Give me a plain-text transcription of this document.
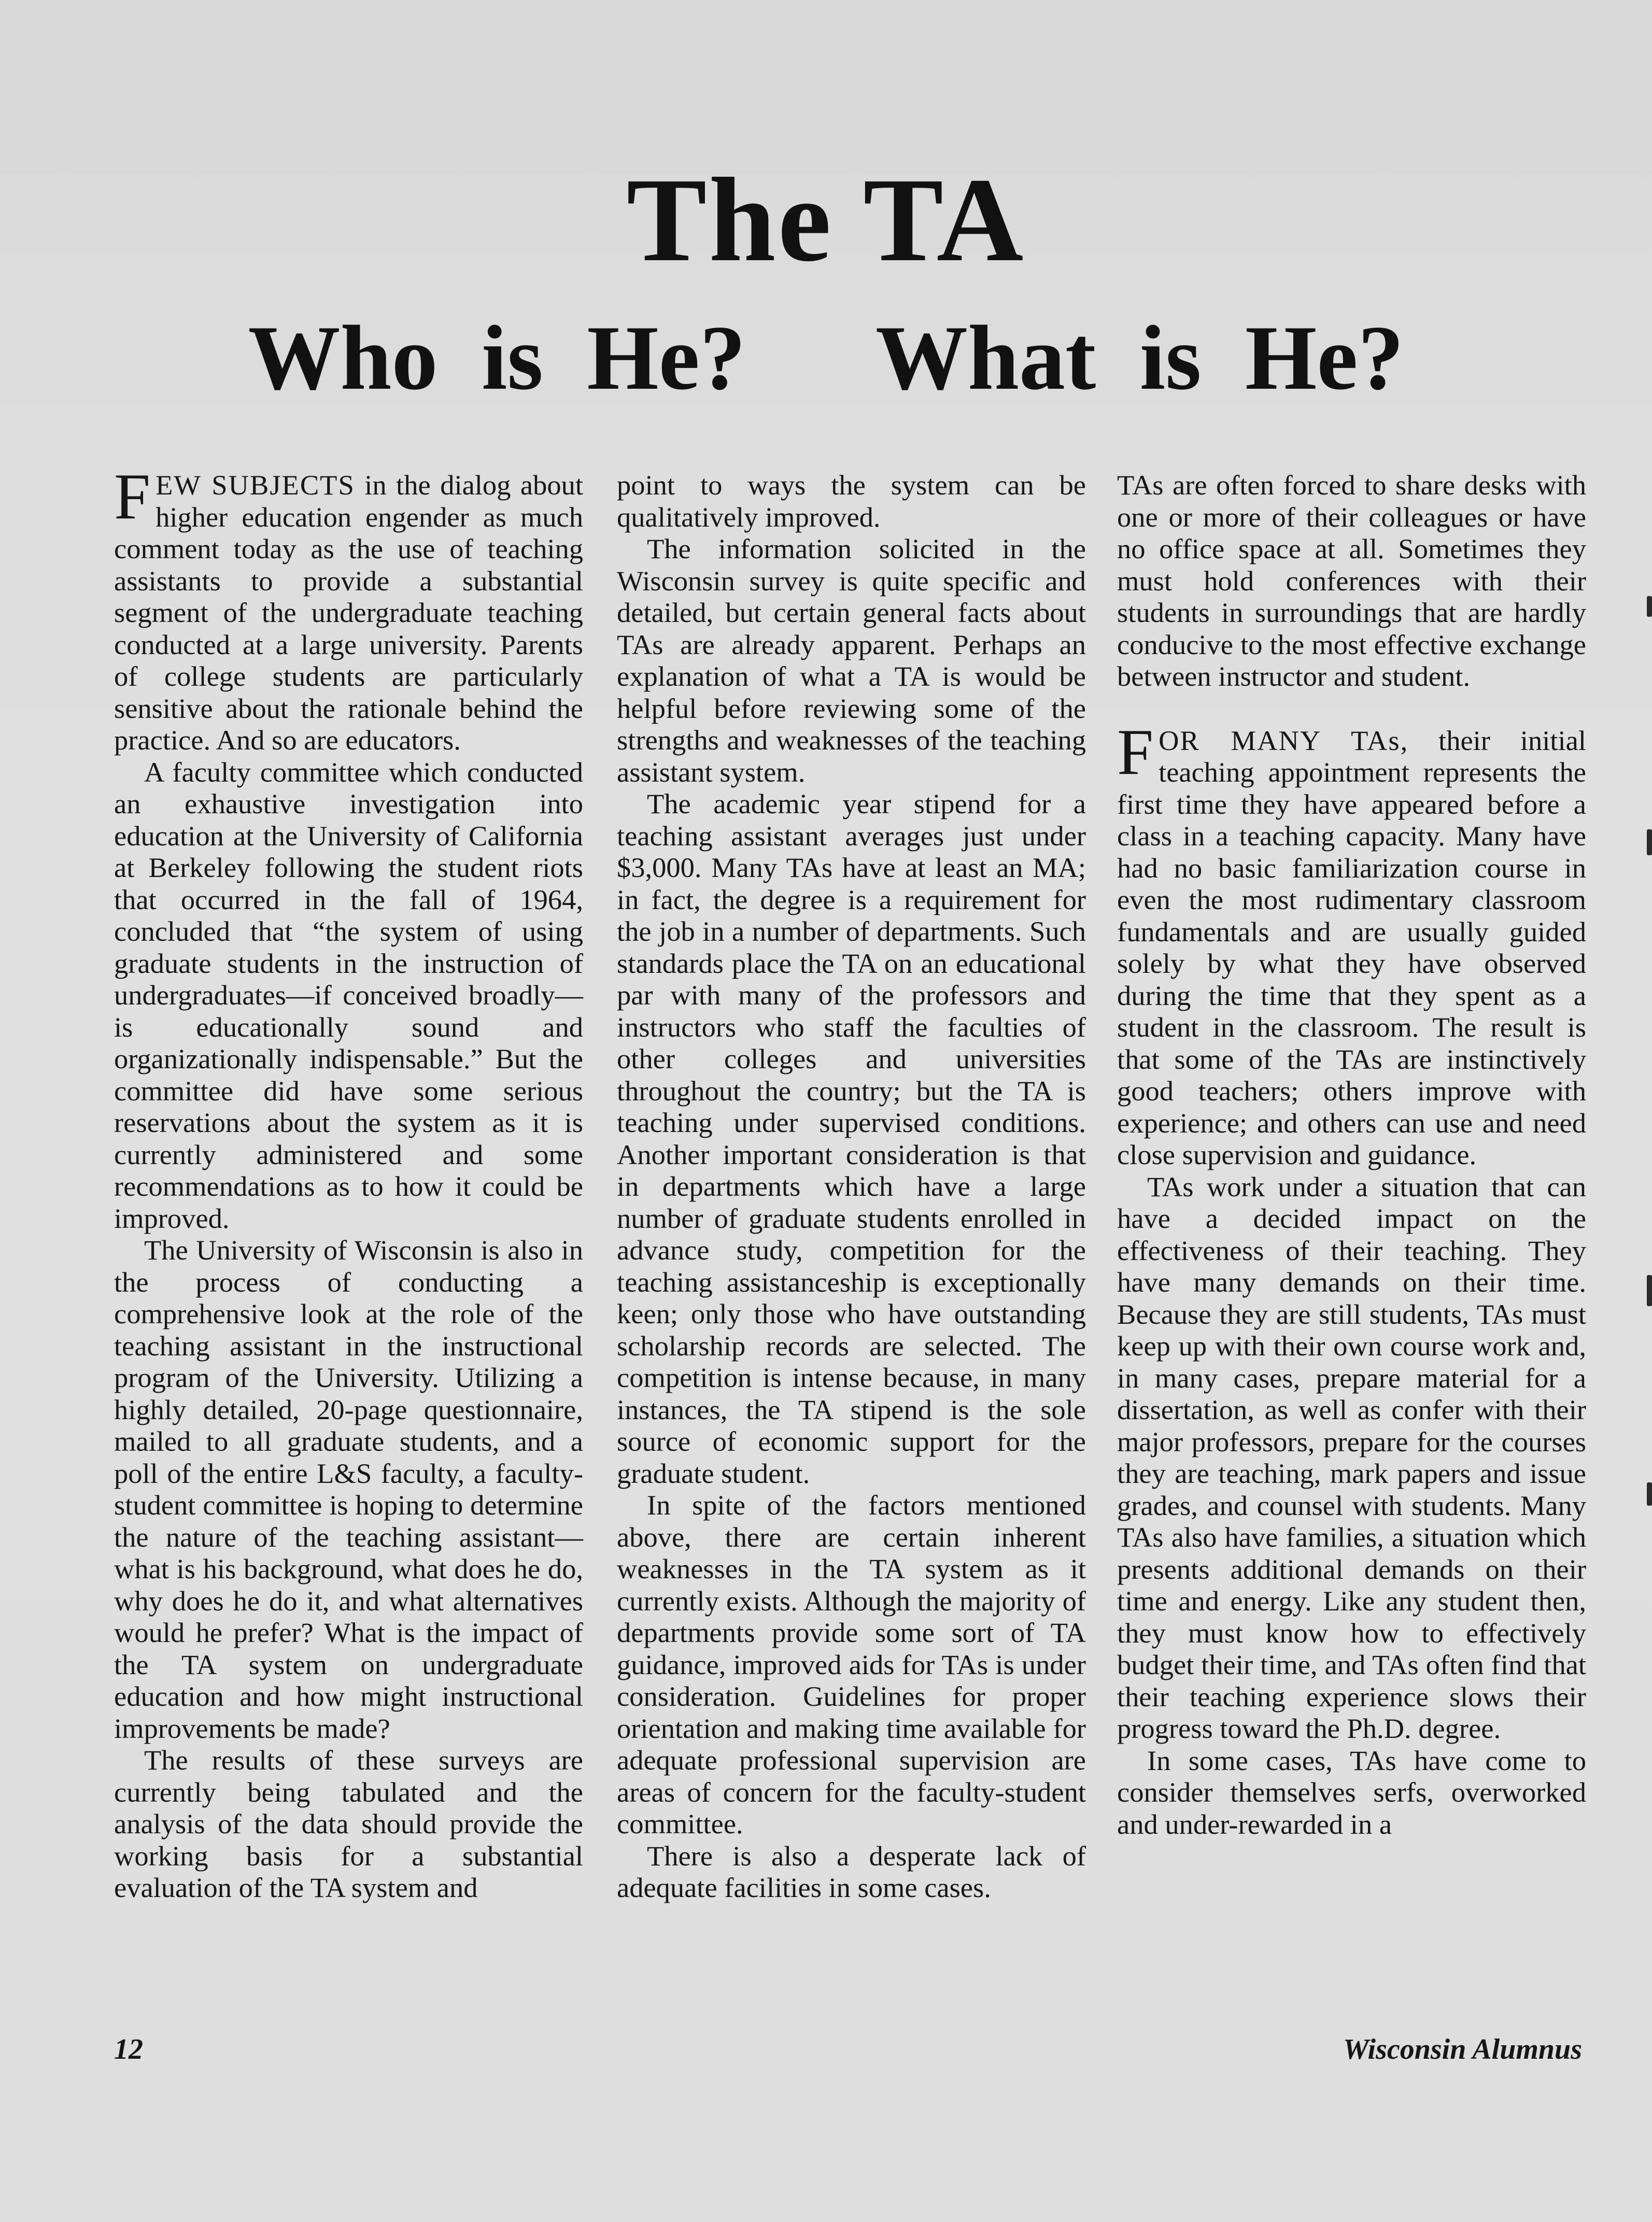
The TA
Who is He?   What is He?

FEW SUBJECTS in the dialog about higher education engender as much comment today as the use of teaching assistants to provide a substantial segment of the undergraduate teaching conducted at a large university. Parents of college students are particularly sensitive about the rationale behind the practice. And so are educators.

A faculty committee which conducted an exhaustive investigation into education at the University of California at Berkeley following the student riots that occurred in the fall of 1964, concluded that “the system of using graduate students in the instruction of undergraduates—if conceived broadly—is educationally sound and organizationally indispensable.” But the committee did have some serious reservations about the system as it is currently administered and some recommendations as to how it could be improved.

The University of Wisconsin is also in the process of conducting a comprehensive look at the role of the teaching assistant in the instructional program of the University. Utilizing a highly detailed, 20-page questionnaire, mailed to all graduate students, and a poll of the entire L&S faculty, a faculty-student committee is hoping to determine the nature of the teaching assistant—what is his background, what does he do, why does he do it, and what alternatives would he prefer? What is the impact of the TA system on undergraduate education and how might instructional improvements be made?

The results of these surveys are currently being tabulated and the analysis of the data should provide the working basis for a substantial evaluation of the TA system and

point to ways the system can be qualitatively improved.

The information solicited in the Wisconsin survey is quite specific and detailed, but certain general facts about TAs are already apparent. Perhaps an explanation of what a TA is would be helpful before reviewing some of the strengths and weaknesses of the teaching assistant system.

The academic year stipend for a teaching assistant averages just under $3,000. Many TAs have at least an MA; in fact, the degree is a requirement for the job in a number of departments. Such standards place the TA on an educational par with many of the professors and instructors who staff the faculties of other colleges and universities throughout the country; but the TA is teaching under supervised conditions. Another important consideration is that in departments which have a large number of graduate students enrolled in advance study, competition for the teaching assistanceship is exceptionally keen; only those who have outstanding scholarship records are selected. The competition is intense because, in many instances, the TA stipend is the sole source of economic support for the graduate student.

In spite of the factors mentioned above, there are certain inherent weaknesses in the TA system as it currently exists. Although the majority of departments provide some sort of TA guidance, improved aids for TAs is under consideration. Guidelines for proper orientation and making time available for adequate professional supervision are areas of concern for the faculty-student committee.

There is also a desperate lack of adequate facilities in some cases.

TAs are often forced to share desks with one or more of their colleagues or have no office space at all. Sometimes they must hold conferences with their students in surroundings that are hardly conducive to the most effective exchange between instructor and student.

FOR MANY TAs, their initial teaching appointment represents the first time they have appeared before a class in a teaching capacity. Many have had no basic familiarization course in even the most rudimentary classroom fundamentals and are usually guided solely by what they have observed during the time that they spent as a student in the classroom. The result is that some of the TAs are instinctively good teachers; others improve with experience; and others can use and need close supervision and guidance.

TAs work under a situation that can have a decided impact on the effectiveness of their teaching. They have many demands on their time. Because they are still students, TAs must keep up with their own course work and, in many cases, prepare material for a dissertation, as well as confer with their major professors, prepare for the courses they are teaching, mark papers and issue grades, and counsel with students. Many TAs also have families, a situation which presents additional demands on their time and energy. Like any student then, they must know how to effectively budget their time, and TAs often find that their teaching experience slows their progress toward the Ph.D. degree.

In some cases, TAs have come to consider themselves serfs, overworked and under-rewarded in a

12	Wisconsin Alumnus
